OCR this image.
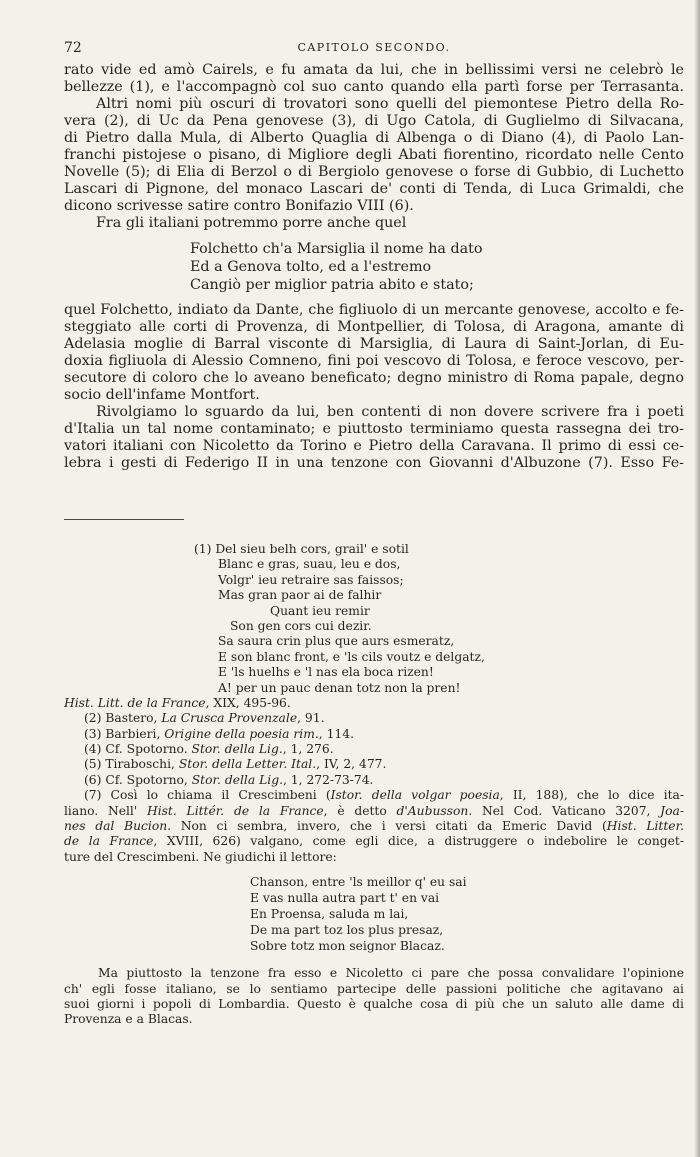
72	CAPITOLO SECONDO.
rato vide ed amò Cairels, e fu amata da lui, che in bellissimi versi ne celebrò le
bellezze (1), e l'accompagnò col suo canto quando ella partì forse per Terrasanta.
Altri nomi più oscuri di trovatori sono quelli del piemontese Pietro della Ro-
vera (2), di Uc da Pena genovese (3), di Ugo Catola, di Guglielmo di Silvacana,
di Pietro dalla Mula, di Alberto Quaglia di Albenga o di Diano (4), di Paolo Lan-
franchi pistojese o pisano, di Migliore degli Abati fiorentino, ricordato nelle Cento
Novelle (5); di Elia di Berzol o di Bergiolo genovese o forse di Gubbio, di Luchetto
Lascari di Pignone, del monaco Lascari de' conti di Tenda, di Luca Grimaldi, che
dicono scrivesse satire contro Bonifazio VIII (6).
Fra gli italiani potremmo porre anche quel
Folchetto ch'a Marsiglia il nome ha dato
Ed a Genova tolto, ed a l'estremo
Cangiò per miglior patria abito e stato;
quel Folchetto, indiato da Dante, che figliuolo di un mercante genovese, accolto e fe-
steggiato alle corti di Provenza, di Montpellier, di Tolosa, di Aragona, amante di
Adelasia moglie di Barral visconte di Marsiglia, di Laura di Saint-Jorlan, di Eu-
doxia figliuola di Alessio Comneno, fini poi vescovo di Tolosa, e feroce vescovo, per-
secutore di coloro che lo aveano beneficato; degno ministro di Roma papale, degno
socio dell'infame Montfort.
Rivolgiamo lo sguardo da lui, ben contenti di non dovere scrivere fra i poeti
d'Italia un tal nome contaminato; e piuttosto terminiamo questa rassegna dei tro-
vatori italiani con Nicoletto da Torino e Pietro della Caravana. Il primo di essi ce-
lebra i gesti di Federigo II in una tenzone con Giovanni d'Albuzone (7). Esso Fe-
(1) Del sieu belh cors, grail' e sotil
Blanc e gras, suau, leu e dos,
Volgr' ieu retraire sas faissos;
Mas gran paor ai de falhir
Quant ieu remir
Son gen cors cui dezir.
Sa saura crin plus que aurs esmeratz,
E son blanc front, e 'ls cils voutz e delgatz,
E 'ls huelhs e 'l nas ela boca rizen!
A! per un pauc denan totz non la pren!
Hist. Litt. de la France, XIX, 495-96.
(2) Bastero, La Crusca Provenzale, 91.
(3) Barbieri, Origine della poesia rim., 114.
(4) Cf. Spotorno. Stor. della Lig., 1, 276.
(5) Tiraboschi, Stor. della Letter. Ital., IV, 2, 477.
(6) Cf. Spotorno, Stor. della Lig., 1, 272-73-74.
(7) Così lo chiama il Crescimbeni (Istor. della volgar poesia, II, 188), che lo dice ita-
liano. Nell' Hist. Littér. de la France, è detto d'Aubusson. Nel Cod. Vaticano 3207, Joa-
nes dal Bucion. Non ci sembra, invero, che i versi citati da Emeric David (Hist. Litter.
de la France, XVIII, 626) valgano, come egli dice, a distruggere o indebolire le conget-
ture del Crescimbeni. Ne giudichi il lettore:
Chanson, entre 'ls meillor q' eu sai
E vas nulla autra part t' en vai
En Proensa, saluda m lai,
De ma part toz los plus presaz,
Sobre totz mon seignor Blacaz.
Ma piuttosto la tenzone fra esso e Nicoletto ci pare che possa convalidare l'opinione
ch' egli fosse italiano, se lo sentiamo partecipe delle passioni politiche che agitavano ai
suoi giorni i popoli di Lombardia. Questo è qualche cosa di più che un saluto alle dame di
Provenza e a Blacas.
